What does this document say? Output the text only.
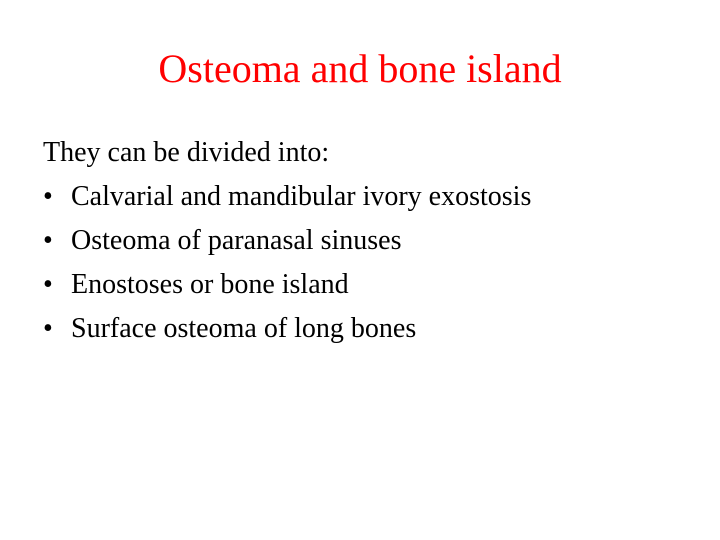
Osteoma and bone island
They can be divided into:
• Calvarial and mandibular ivory exostosis
• Osteoma of paranasal sinuses
• Enostoses or bone island
• Surface osteoma of long bones
